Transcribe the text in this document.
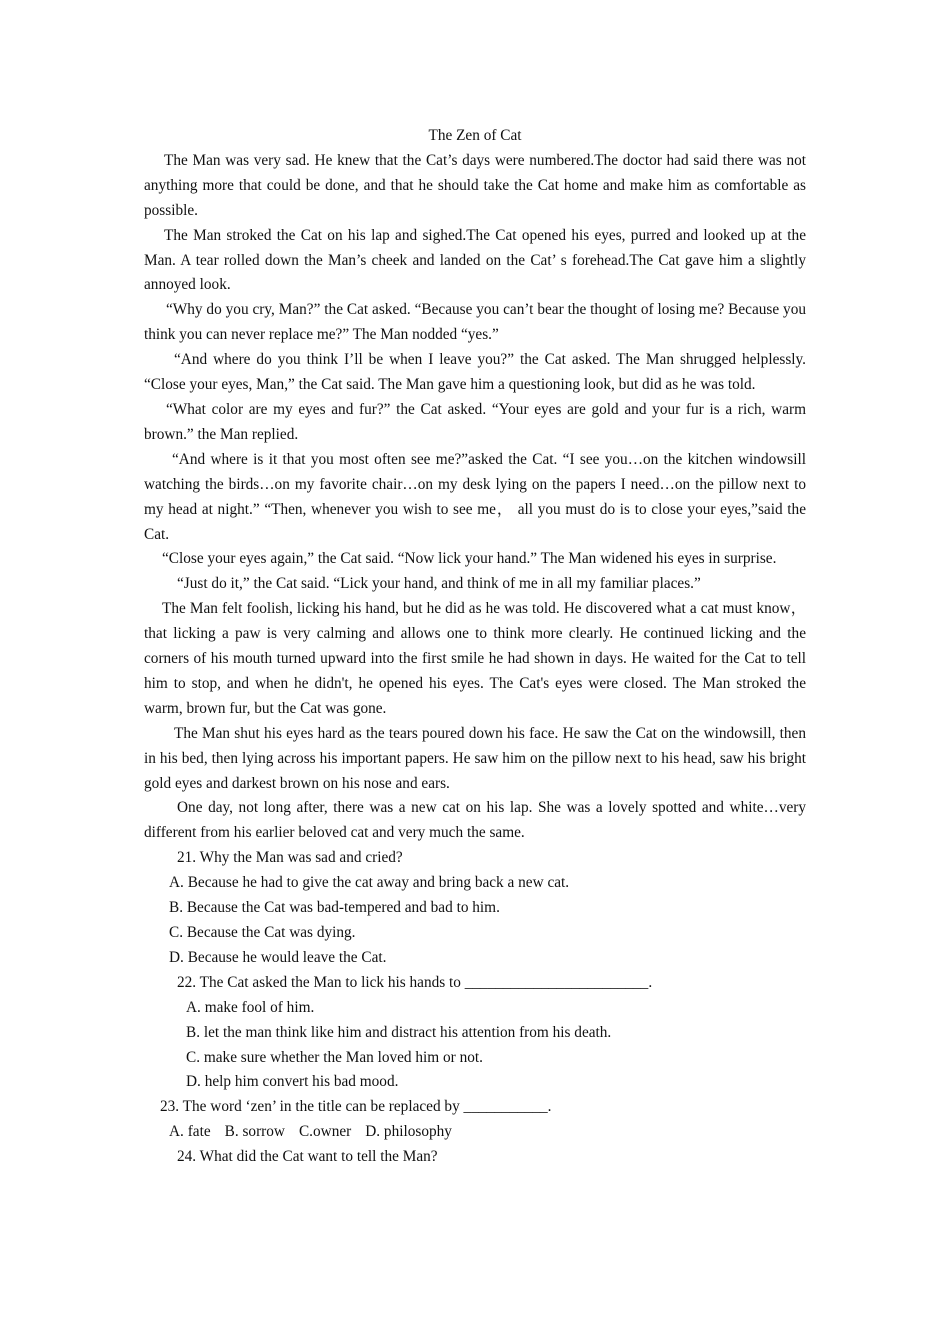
The Zen of Cat

The Man was very sad. He knew that the Cat’s days were numbered.The doctor had said there was not anything more that could be done, and that he should take the Cat home and make him as comfortable as possible.

The Man stroked the Cat on his lap and sighed.The Cat opened his eyes, purred and looked up at the Man. A tear rolled down the Man’s cheek and landed on the Cat’ s forehead.The Cat gave him a slightly annoyed look.

“Why do you cry, Man?” the Cat asked. “Because you can’t bear the thought of losing me? Because you think you can never replace me?” The Man nodded “yes.”

“And where do you think I’ll be when I leave you?” the Cat asked. The Man shrugged helplessly. “Close your eyes, Man,” the Cat said. The Man gave him a questioning look, but did as he was told.

“What color are my eyes and fur?” the Cat asked. “Your eyes are gold and your fur is a rich, warm brown.” the Man replied.

“And where is it that you most often see me?”asked the Cat. “I see you…on the kitchen windowsill watching the birds…on my favorite chair…on my desk lying on the papers I need…on the pillow next to my head at night.” “Then, whenever you wish to see me， all you must do is to close your eyes,”said the Cat.

“Close your eyes again,” the Cat said. “Now lick your hand.” The Man widened his eyes in surprise.

“Just do it,” the Cat said. “Lick your hand, and think of me in all my familiar places.”

The Man felt foolish, licking his hand, but he did as he was told. He discovered what a cat must know， that licking a paw is very calming and allows one to think more clearly. He continued licking and the corners of his mouth turned upward into the first smile he had shown in days. He waited for the Cat to tell him to stop, and when he didn't, he opened his eyes. The Cat's eyes were closed. The Man stroked the warm, brown fur, but the Cat was gone.

The Man shut his eyes hard as the tears poured down his face. He saw the Cat on the windowsill, then in his bed, then lying across his important papers. He saw him on the pillow next to his head, saw his bright gold eyes and darkest brown on his nose and ears.

One day, not long after, there was a new cat on his lap. She was a lovely spotted and white…very different from his earlier beloved cat and very much the same.

21. Why the Man was sad and cried?

A. Because he had to give the cat away and bring back a new cat.

B. Because the Cat was bad-tempered and bad to him.

C. Because the Cat was dying.

D. Because he would leave the Cat.

22. The Cat asked the Man to lick his hands to ________________________.

A. make fool of him.

B. let the man think like him and distract his attention from his death.

C. make sure whether the Man loved him or not.

D. help him convert his bad mood.

23. The word ‘zen’ in the title can be replaced by ___________.

A. fate B. sorrow C.owner D. philosophy

24. What did the Cat want to tell the Man?
